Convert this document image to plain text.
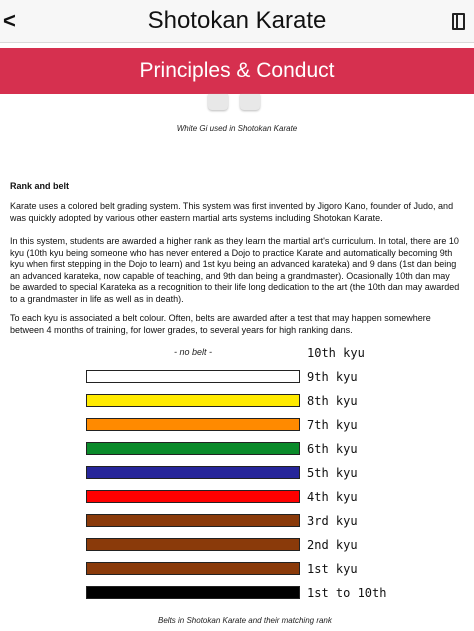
<	Shotokan Karate
Principles & Conduct
White Gi used in Shotokan Karate
Rank and belt

Karate uses a colored belt grading system. This system was first invented by Jigoro Kano, founder of Judo, and was quickly adopted by various other eastern martial arts systems including Shotokan Karate.

In this system, students are awarded a higher rank as they learn the martial art's curriculum. In total, there are 10 kyu (10th kyu being someone who has never entered a Dojo to practice Karate and automatically becoming 9th kyu when first stepping in the Dojo to learn) and 1st kyu being an advanced karateka) and 9 dans (1st dan being an advanced karateka, now capable of teaching, and 9th dan being a grandmaster). Ocasionally 10th dan may be awarded to special Karateka as a recognition to their life long dedication to the art (the 10th dan may awarded to a grandmaster in life as well as in death).

To each kyu is associated a belt colour. Often, belts are awarded after a test that may happen somewhere between 4 months of training, for lower grades, to several years for high ranking dans.

- no belt -	10th kyu
9th kyu
8th kyu
7th kyu
6th kyu
5th kyu
4th kyu
3rd kyu
2nd kyu
1st kyu
1st to 10th
Belts in Shotokan Karate and their matching rank
